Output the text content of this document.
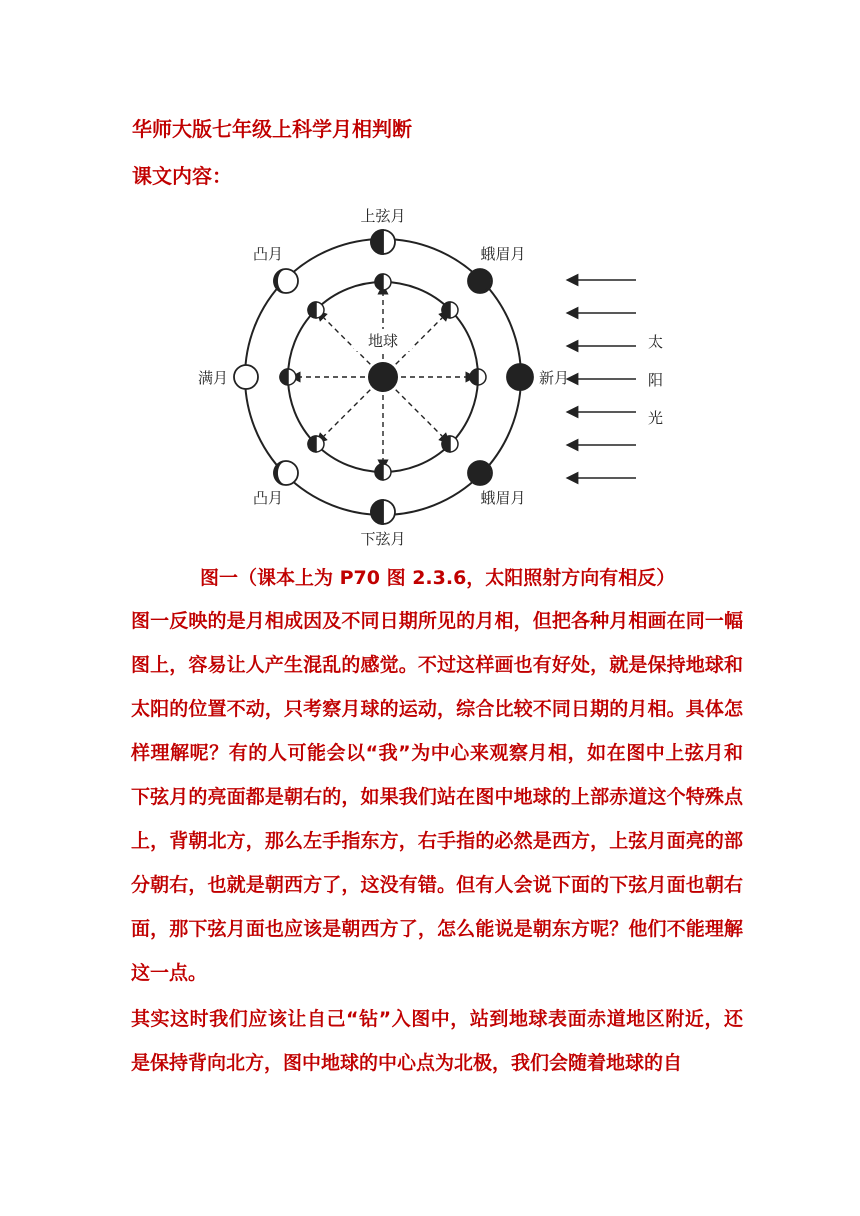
华师大版七年级上科学月相判断
课文内容：
地球
上弦月
凸月	蛾眉月
满月	新月
凸月	蛾眉月
下弦月
太
阳
光
图一（课本上为 P70 图 2.3.6，太阳照射方向有相反）

图一反映的是月相成因及不同日期所见的月相，但把各种月相画在同一幅图上，容易让人产生混乱的感觉。不过这样画也有好处，就是保持地球和太阳的位置不动，只考察月球的运动，综合比较不同日期的月相。具体怎样理解呢？有的人可能会以“我”为中心来观察月相，如在图中上弦月和下弦月的亮面都是朝右的，如果我们站在图中地球的上部赤道这个特殊点上，背朝北方，那么左手指东方，右手指的必然是西方，上弦月面亮的部分朝右，也就是朝西方了，这没有错。但有人会说下面的下弦月面也朝右面，那下弦月面也应该是朝西方了，怎么能说是朝东方呢？他们不能理解这一点。

其实这时我们应该让自己“钻”入图中，站到地球表面赤道地区附近，还是保持背向北方，图中地球的中心点为北极，我们会随着地球的自
